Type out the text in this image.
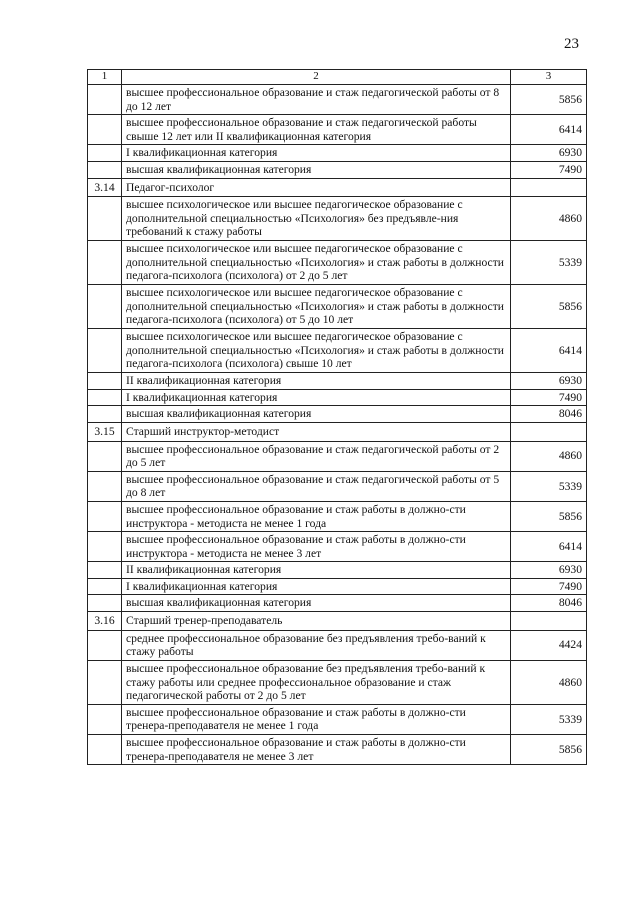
23
1	2	3
	высшее профессиональное образование и стаж педагогической работы от 8 до 12 лет	5856
	высшее профессиональное образование и стаж педагогической работы свыше 12 лет или II квалификационная категория	6414
	I квалификационная категория	6930
	высшая квалификационная категория	7490
3.14	Педагог-психолог	
	высшее психологическое или высшее педагогическое образование с дополнительной специальностью «Психология» без предъявле-ния требований к стажу работы	4860
	высшее психологическое или высшее педагогическое образование с дополнительной специальностью «Психология» и стаж работы в должности педагога-психолога (психолога) от 2 до 5 лет	5339
	высшее психологическое или высшее педагогическое образование с дополнительной специальностью «Психология» и стаж работы в должности педагога-психолога (психолога) от 5 до 10 лет	5856
	высшее психологическое или высшее педагогическое образование с дополнительной специальностью «Психология» и стаж работы в должности педагога-психолога (психолога) свыше 10 лет	6414
	II квалификационная категория	6930
	I квалификационная категория	7490
	высшая квалификационная категория	8046
3.15	Старший инструктор-методист	
	высшее профессиональное образование и стаж педагогической работы от 2 до 5 лет	4860
	высшее профессиональное образование и стаж педагогической работы от 5 до 8 лет	5339
	высшее профессиональное образование и стаж работы в должно-сти инструктора - методиста не менее 1 года	5856
	высшее профессиональное образование и стаж работы в должно-сти инструктора - методиста не менее 3 лет	6414
	II квалификационная категория	6930
	I квалификационная категория	7490
	высшая квалификационная категория	8046
3.16	Старший тренер-преподаватель	
	среднее профессиональное образование без предъявления требо-ваний к стажу работы	4424
	высшее профессиональное образование без предъявления требо-ваний к стажу работы или среднее профессиональное образование и стаж педагогической работы от 2 до 5 лет	4860
	высшее профессиональное образование и стаж работы в должно-сти тренера-преподавателя не менее 1 года	5339
	высшее профессиональное образование и стаж работы в должно-сти тренера-преподавателя не менее 3 лет	5856
